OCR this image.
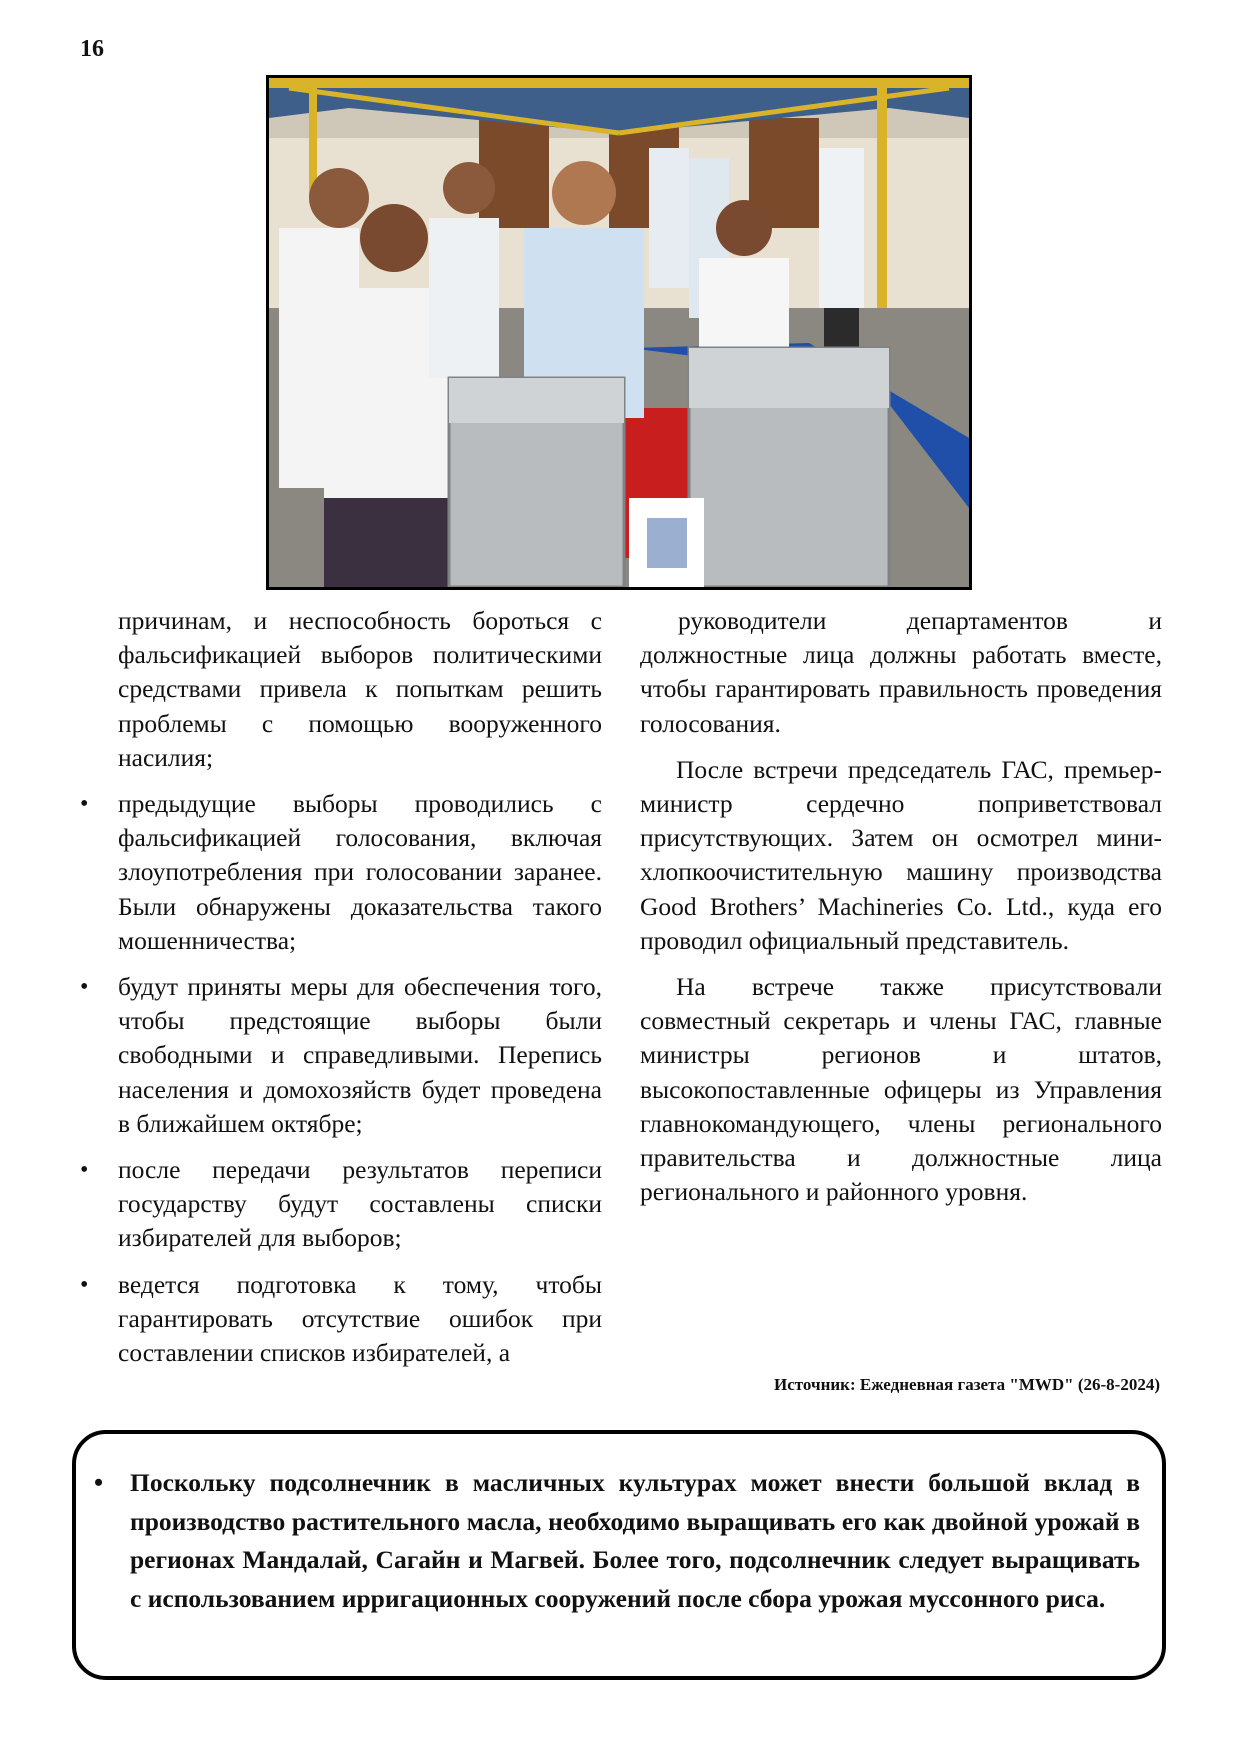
16

причинам, и неспособность бороться с фальсификацией выборов политическими средствами привела к попыткам решить проблемы с помощью вооруженного насилия;

• предыдущие выборы проводились с фальсификацией голосования, включая злоупотребления при голосовании заранее. Были обнаружены доказательства такого мошенничества;
• будут приняты меры для обеспечения того, чтобы предстоящие выборы были свободными и справедливыми. Перепись населения и домохозяйств будет проведена в ближайшем октябре;
• после передачи результатов переписи государству будут составлены списки избирателей для выборов;
• ведется подготовка к тому, чтобы гарантировать отсутствие ошибок при составлении списков избирателей, а

руководители департаментов и должностные лица должны работать вместе, чтобы гарантировать правильность проведения голосования.

После встречи председатель ГАС, премьер-министр сердечно поприветствовал присутствующих. Затем он осмотрел мини-хлопкоочистительную машину производства Good Brothers’ Machineries Co. Ltd., куда его проводил официальный представитель.

На встрече также присутствовали совместный секретарь и члены ГАС, главные министры регионов и штатов, высокопоставленные офицеры из Управления главнокомандующего, члены регионального правительства и должностные лица регионального и районного уровня.

Источник: Ежедневная газета "MWD" (26-8-2024)
• Поскольку подсолнечник в масличных культурах может внести большой вклад в производство растительного масла, необходимо выращивать его как двойной урожай в регионах Мандалай, Сагайн и Магвей. Более того, подсолнечник следует выращивать с использованием ирригационных сооружений после сбора урожая муссонного риса.
